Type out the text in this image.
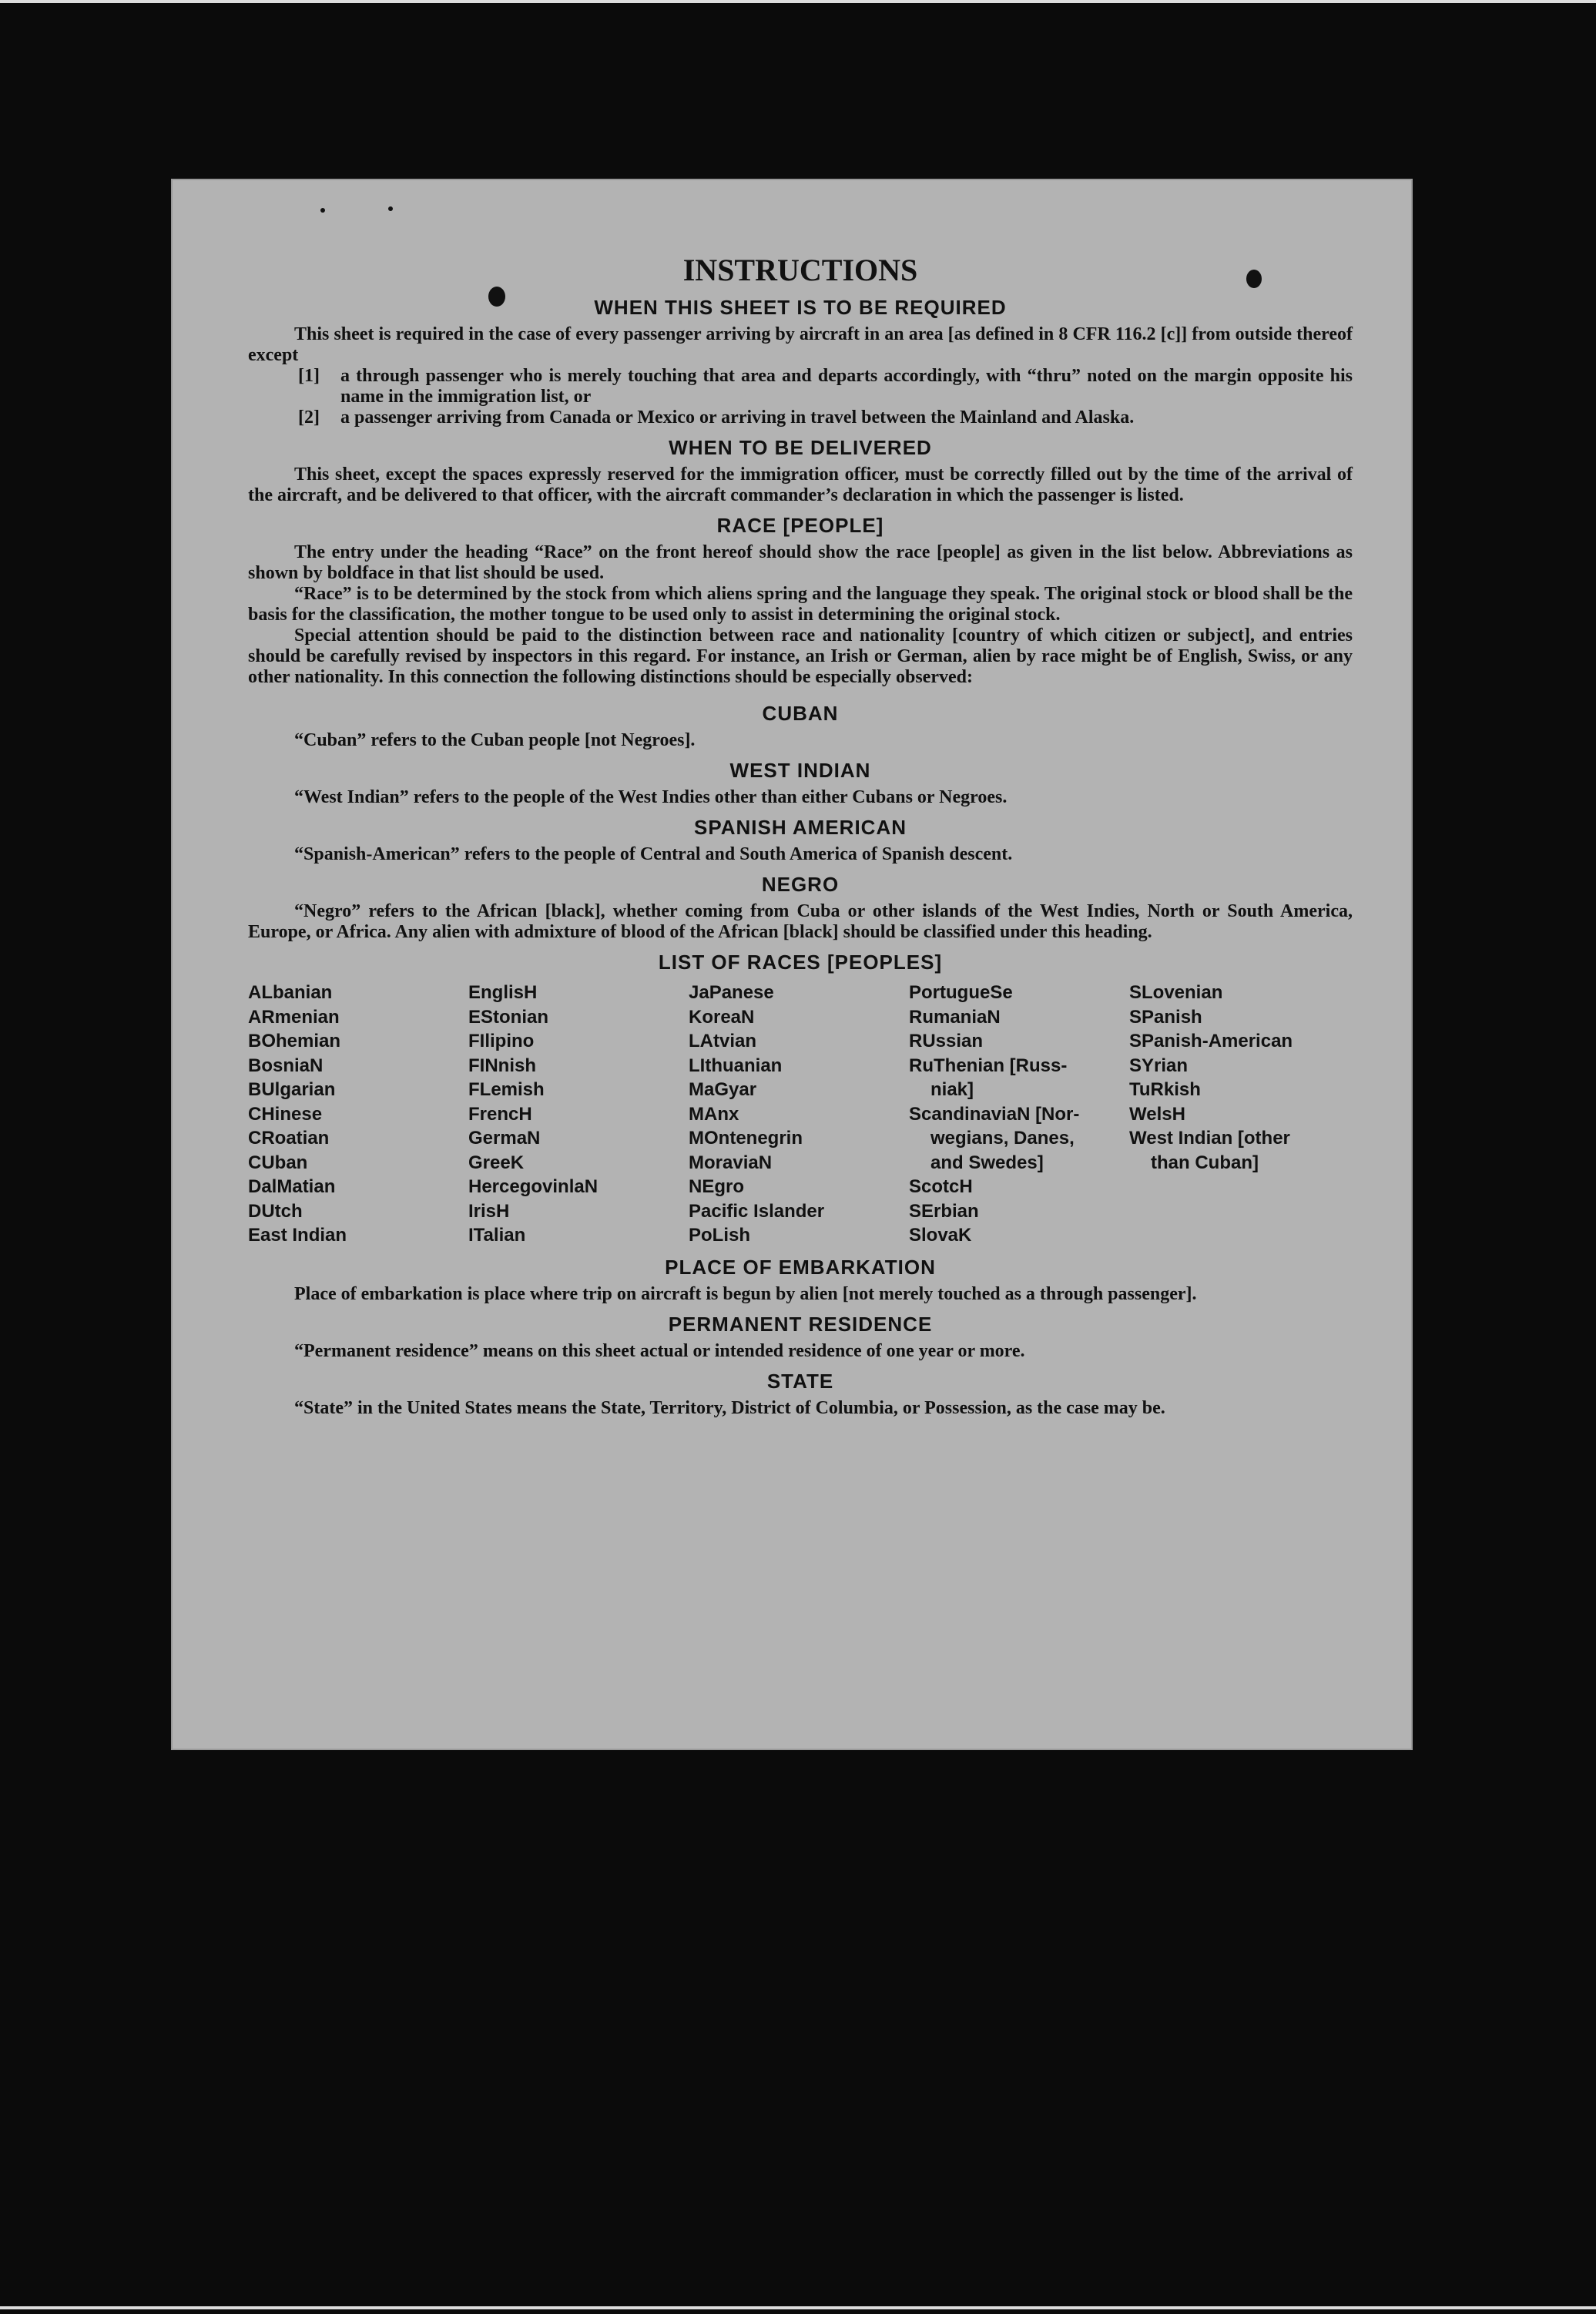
INSTRUCTIONS
WHEN THIS SHEET IS TO BE REQUIRED

This sheet is required in the case of every passenger arriving by aircraft in an area [as defined in 8 CFR 116.2 [c]] from outside thereof except

[1] a through passenger who is merely touching that area and departs accordingly, with “thru” noted on the margin opposite his name in the immigration list, or

[2] a passenger arriving from Canada or Mexico or arriving in travel between the Mainland and Alaska.

WHEN TO BE DELIVERED

This sheet, except the spaces expressly reserved for the immigration officer, must be correctly filled out by the time of the arrival of the aircraft, and be delivered to that officer, with the aircraft commander’s declaration in which the passenger is listed.

RACE [PEOPLE]

The entry under the heading “Race” on the front hereof should show the race [people] as given in the list below. Abbreviations as shown by boldface in that list should be used.

“Race” is to be determined by the stock from which aliens spring and the language they speak. The original stock or blood shall be the basis for the classification, the mother tongue to be used only to assist in determining the original stock.

Special attention should be paid to the distinction between race and nationality [country of which citizen or subject], and entries should be carefully revised by inspectors in this regard. For instance, an Irish or German, alien by race might be of English, Swiss, or any other nationality. In this connection the following distinctions should be especially observed:

CUBAN
“Cuban” refers to the Cuban people [not Negroes].
WEST INDIAN
“West Indian” refers to the people of the West Indies other than either Cubans or Negroes.
SPANISH AMERICAN
“Spanish-American” refers to the people of Central and South America of Spanish descent.
NEGRO

“Negro” refers to the African [black], whether coming from Cuba or other islands of the West Indies, North or South America, Europe, or Africa. Any alien with admixture of blood of the African [black] should be classified under this heading.

LIST OF RACES [PEOPLES]
ALbanian
ARmenian
BOhemian
BosniaN
BUlgarian
CHinese
CRoatian
CUban
DalMatian
DUtch
East Indian
EnglisH
EStonian
FIlipino
FINnish
FLemish
FrencH
GermaN
GreeK
HercegovinlaN
IrisH
ITalian
JaPanese
KoreaN
LAtvian
LIthuanian
MaGyar
MAnx
MOntenegrin
MoraviaN
NEgro
Pacific Islander
PoLish
PortugueSe
RumaniaN
RUssian
RuThenian [Russ-
niak]
ScandinaviaN [Nor-
wegians, Danes,
and Swedes]
ScotcH
SErbian
SlovaK
SLovenian
SPanish
SPanish-American
SYrian
TuRkish
WelsH
West Indian [other
than Cuban]
PLACE OF EMBARKATION

Place of embarkation is place where trip on aircraft is begun by alien [not merely touched as a through passenger].

PERMANENT RESIDENCE
“Permanent residence” means on this sheet actual or intended residence of one year or more.
STATE

“State” in the United States means the State, Territory, District of Columbia, or Possession, as the case may be.
